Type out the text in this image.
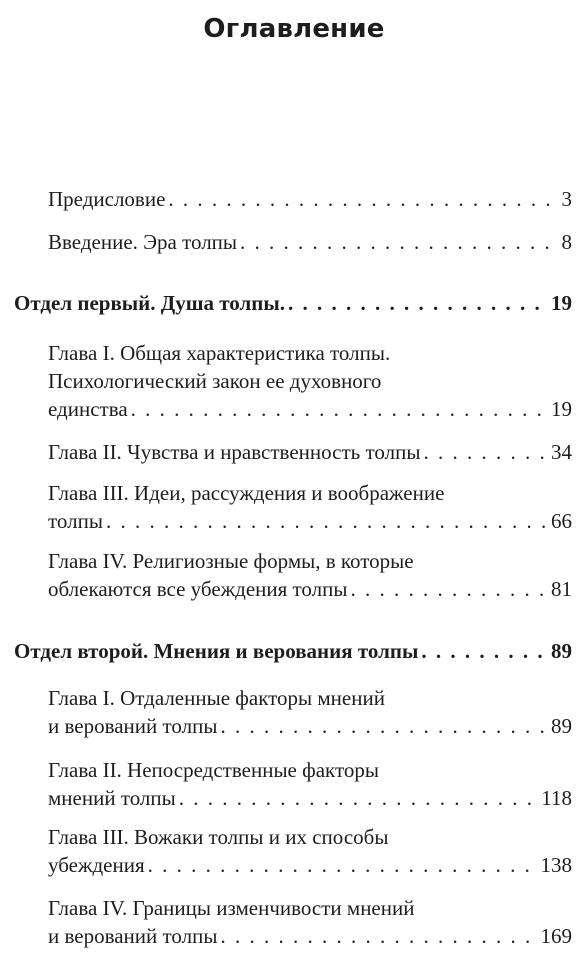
Оглавление
Предисловие . . .	3
Введение. Эра толпы . . .	8
Отдел первый. Душа толпы. . . .	19
Глава I. Общая характеристика толпы.
Психологический закон ее духовного
единства . . .	19
Глава II. Чувства и нравственность толпы . . .	34
Глава III. Идеи, рассуждения и воображение
толпы . . .	66
Глава IV. Религиозные формы, в которые
облекаются все убеждения толпы . . .	81
Отдел второй. Мнения и верования толпы . . .	89
Глава I. Отдаленные факторы мнений
и верований толпы . . .	89
Глава II. Непосредственные факторы
мнений толпы . . .	118
Глава III. Вожаки толпы и их способы
убеждения . . .	138
Глава IV. Границы изменчивости мнений
и верований толпы . . .	169
